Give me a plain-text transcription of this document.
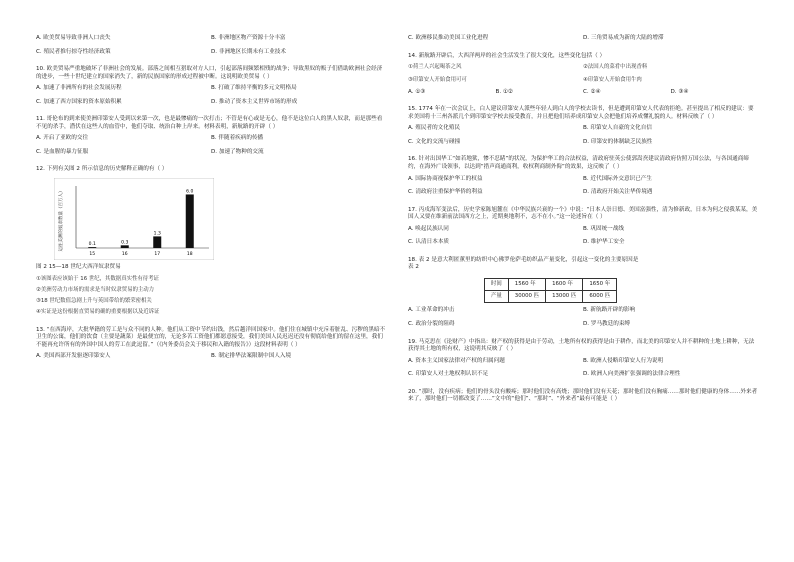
A. 欧美贸易导致非洲人口丧失	B. 非洲地区物产资源十分丰富
C. 殖民者推行掠夺性经济政策	D. 非洲地区长期未有工业技术

10. 欧美贸易严重地破坏了非洲社会的发展。部落之间相互猎取对方人口，引起部落间频繁相残的战争；导致黑奴的贩子们借助欧洲社会经济的进步，一些十世纪建立的国家消失了，新的民族国家的形成过程被中断。这说明欧美贸易（ ）

A. 加速了非洲所有的社会发展历程	B. 打破了维持平衡的多元文明格局
C. 加速了西方国家的资本原始积累	D. 推动了资本主义世界市场的形成

11. 哥伦布的到来使美洲印第安人受到以来第一次，也是最惨痛的一次打击；不管是有心或是无心，他不是这位白人的黑人奴隶，而是那些看不见的杀手，潜伏在这些人的血管中，他们夺取、统治白种上岸来。材料表明，新航路的开辟（ ）

A. 开启了亚欧的交往	B. 伴随着疾病的传播
C. 是血腥的暴力征服	D. 加速了物种的交流

12. 下列有关图 2 所示信息的历史解释正确的有（ ）

运往美洲的奴隶数量（百万人）	0.1
15
0.3
16
1.3
17
6.0
18
图 2 15—18 世纪大西洋奴隶贸易
①该图表应该始于 16 世纪，其数据真实性有待考证
②美洲劳动力市场的需求是当时奴隶贸易的主动力
③18 世纪数值急剧上升与英国带给的繁荣密相关
④实证是这份根据直贸易的确的重要根据以及近诉证

13. “在西海岸，大批华籍的劳工是与众不同的人种。他们从工资中节约出钱，然后越洋回国家中。他们住在城镇中充斥着脏乱、污秽的黑暗不卫生的公寓，他们的饮食（主要是蔬菜）是最便宜的，无论多苦工资他们都愿意接受，我们美国人民迟迟还没有彻底给他们的留在这里，我们不能再允许所有的外国中国人的劳工在此逗留。”（《内务委员会关于移民和入籍的报告》）这段材料表明（ ）

A. 美国西部开发驱逐印第安人	B. 制定排华法案限制中国人入境
C. 欧洲移民推动美国工业化进程	D. 三角贸易成为新的大陆的增滞

14. 新航路开辟后，大西洋两岸的社会生活发生了很大变化，这些变化包括（ ）

①荷兰人兴起喝茶之风	②法国人的菜肴中出现香料
③印第安人开始食用可可	④印第安人开始食用牛肉
A. ①③	B. ①②	C. ②④	D. ③④

15. 1774 年在一次会议上，白人建议印第安人派些年轻人到白人的学校去读书，但是遭到印第安人代表的拒绝。甚至提出了相反的建议：要求美国将十三州各派几个到印第安学校去接受教育，并且把他们培养成印第安人会把他们培养成懂礼貌的人。材料反映了（ ）

A. 殖民者的文化殖民	B. 印第安人自豪的文化自信
C. 文化的交流与碰撞	D. 印第安的体制缺乏民族性

16. 针对出国华工“如若地狱，惨不忍睹”的状况，为保护华工的合法权益，清政府驻英公使郭嵩焘建议清政府仿照万国公法，与各国通商缔约，在海外广设领事，以达到“措声商通商利，收权利商制外侮”的效果，这反映了（ ）

A. 国际协商视保护华工的权益	B. 近代国际外交意识已产生
C. 清政府注重保护华侨的利益	D. 清政府开始关注华侨境遇

17. 丙戌海军变法后，历史学家陈旭麓在《中华民族兴衰的一个》中说：“日本人崇日德、美国富强性，清为修新政，日本为何之侵我某某，美国人又要在维新前法国西方之上，近期奥地利不，志不在小。”这一论述旨在（ ）

A. 唤起民族认同	B. 巩固统一战线
C. 认清日本本质	D. 维护华工安全

18. 表 2 是意大利匿薰里的纺织中心佛罗伦萨毛纺织品产量变化，引起这一变化的主要原因是

表 2
时间	1560 年	1600 年	1650 年
产量	30000 匹	13000 匹	6000 匹
A. 工业革命的冲击	B. 新航路开辟的影响
C. 政治分裂的阻碍	D. 罗马教廷的束缚

19. 马克思在《论财产》中指出：财产权的获得是由于劳动，土地所有权的获得是由于耕作，而北美的印第安人并不耕种的土地上耕种，无法获得其土地的所有权，这说明其反映了（ ）

A. 资本主义国家法律对产权的归属问题	B. 欧洲人侵略印第安人行为说明
C. 印第安人对土地权利认识不足	D. 欧洲人向美洲扩张强调的法律合理性

20. “那时，没有疾病；他们的骨头没有酸疼；那时他们没有高烧；那时他们没有天花；那时他们没有胸痛……那时他们健康的身体……外来者来了，那时他们一切都改变了……”文中的“他们”、“那时”、“外来者”最有可能是（ ）
